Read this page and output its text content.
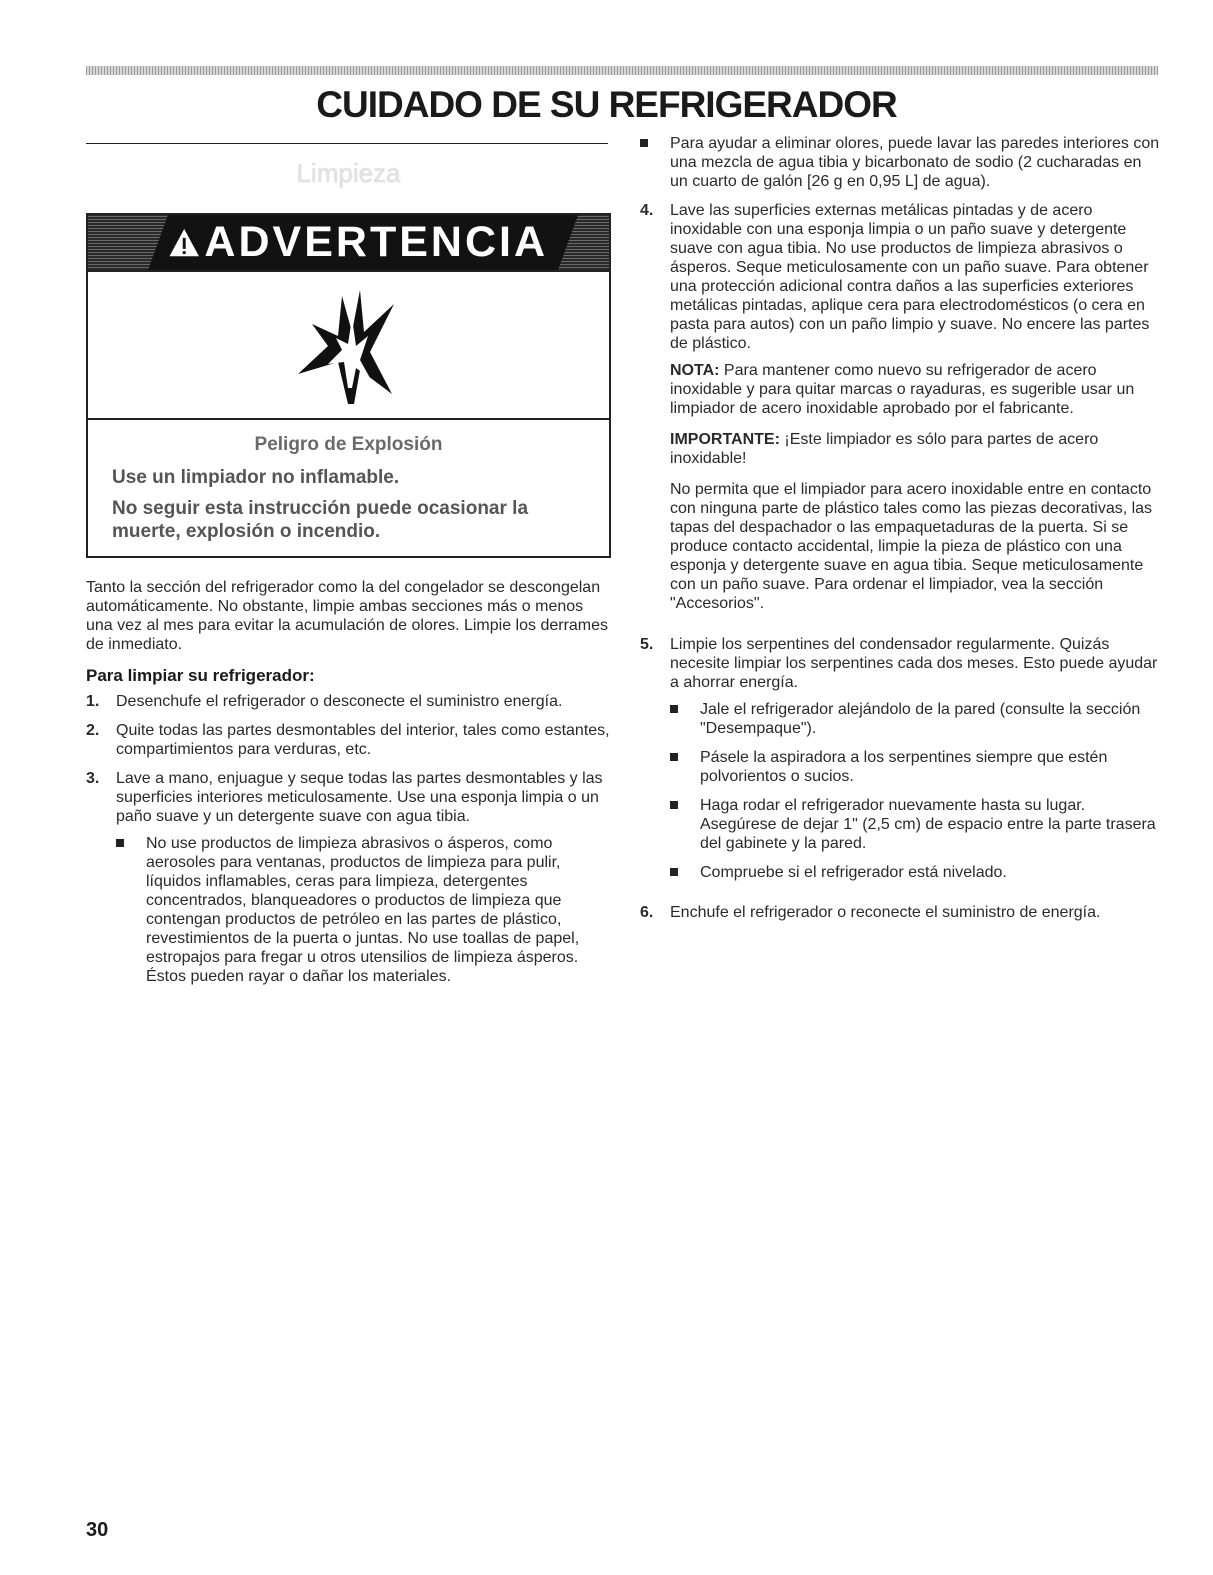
CUIDADO DE SU REFRIGERADOR
Limpieza
ADVERTENCIA
Peligro de Explosión
Use un limpiador no inflamable.
No seguir esta instrucción puede ocasionar la muerte, explosión o incendio.

Tanto la sección del refrigerador como la del congelador se descongelan automáticamente. No obstante, limpie ambas secciones más o menos una vez al mes para evitar la acumulación de olores. Limpie los derrames de inmediato.

Para limpiar su refrigerador:
1.	Desenchufe el refrigerador o desconecte el suministro energía.
2.	Quite todas las partes desmontables del interior, tales como estantes, compartimientos para verduras, etc.
3.	Lave a mano, enjuague y seque todas las partes desmontables y las superficies interiores meticulosamente. Use una esponja limpia o un paño suave y un detergente suave con agua tibia.
No use productos de limpieza abrasivos o ásperos, como aerosoles para ventanas, productos de limpieza para pulir, líquidos inflamables, ceras para limpieza, detergentes concentrados, blanqueadores o productos de limpieza que contengan productos de petróleo en las partes de plástico, revestimientos de la puerta o juntas. No use toallas de papel, estropajos para fregar u otros utensilios de limpieza ásperos. Éstos pueden rayar o dañar los materiales.
Para ayudar a eliminar olores, puede lavar las paredes interiores con una mezcla de agua tibia y bicarbonato de sodio (2 cucharadas en un cuarto de galón [26 g en 0,95 L] de agua).
4.	Lave las superficies externas metálicas pintadas y de acero inoxidable con una esponja limpia o un paño suave y detergente suave con agua tibia. No use productos de limpieza abrasivos o ásperos. Seque meticulosamente con un paño suave. Para obtener una protección adicional contra daños a las superficies exteriores metálicas pintadas, aplique cera para electrodomésticos (o cera en pasta para autos) con un paño limpio y suave. No encere las partes de plástico.

NOTA: Para mantener como nuevo su refrigerador de acero inoxidable y para quitar marcas o rayaduras, es sugerible usar un limpiador de acero inoxidable aprobado por el fabricante.

IMPORTANTE: ¡Este limpiador es sólo para partes de acero inoxidable!

No permita que el limpiador para acero inoxidable entre en contacto con ninguna parte de plástico tales como las piezas decorativas, las tapas del despachador o las empaquetaduras de la puerta. Si se produce contacto accidental, limpie la pieza de plástico con una esponja y detergente suave en agua tibia. Seque meticulosamente con un paño suave. Para ordenar el limpiador, vea la sección "Accesorios".

5.	Limpie los serpentines del condensador regularmente. Quizás necesite limpiar los serpentines cada dos meses. Esto puede ayudar a ahorrar energía.
Jale el refrigerador alejándolo de la pared (consulte la sección "Desempaque").
Pásele la aspiradora a los serpentines siempre que estén polvorientos o sucios.
Haga rodar el refrigerador nuevamente hasta su lugar. Asegúrese de dejar 1" (2,5 cm) de espacio entre la parte trasera del gabinete y la pared.
Compruebe si el refrigerador está nivelado.
6.	Enchufe el refrigerador o reconecte el suministro de energía.
30
